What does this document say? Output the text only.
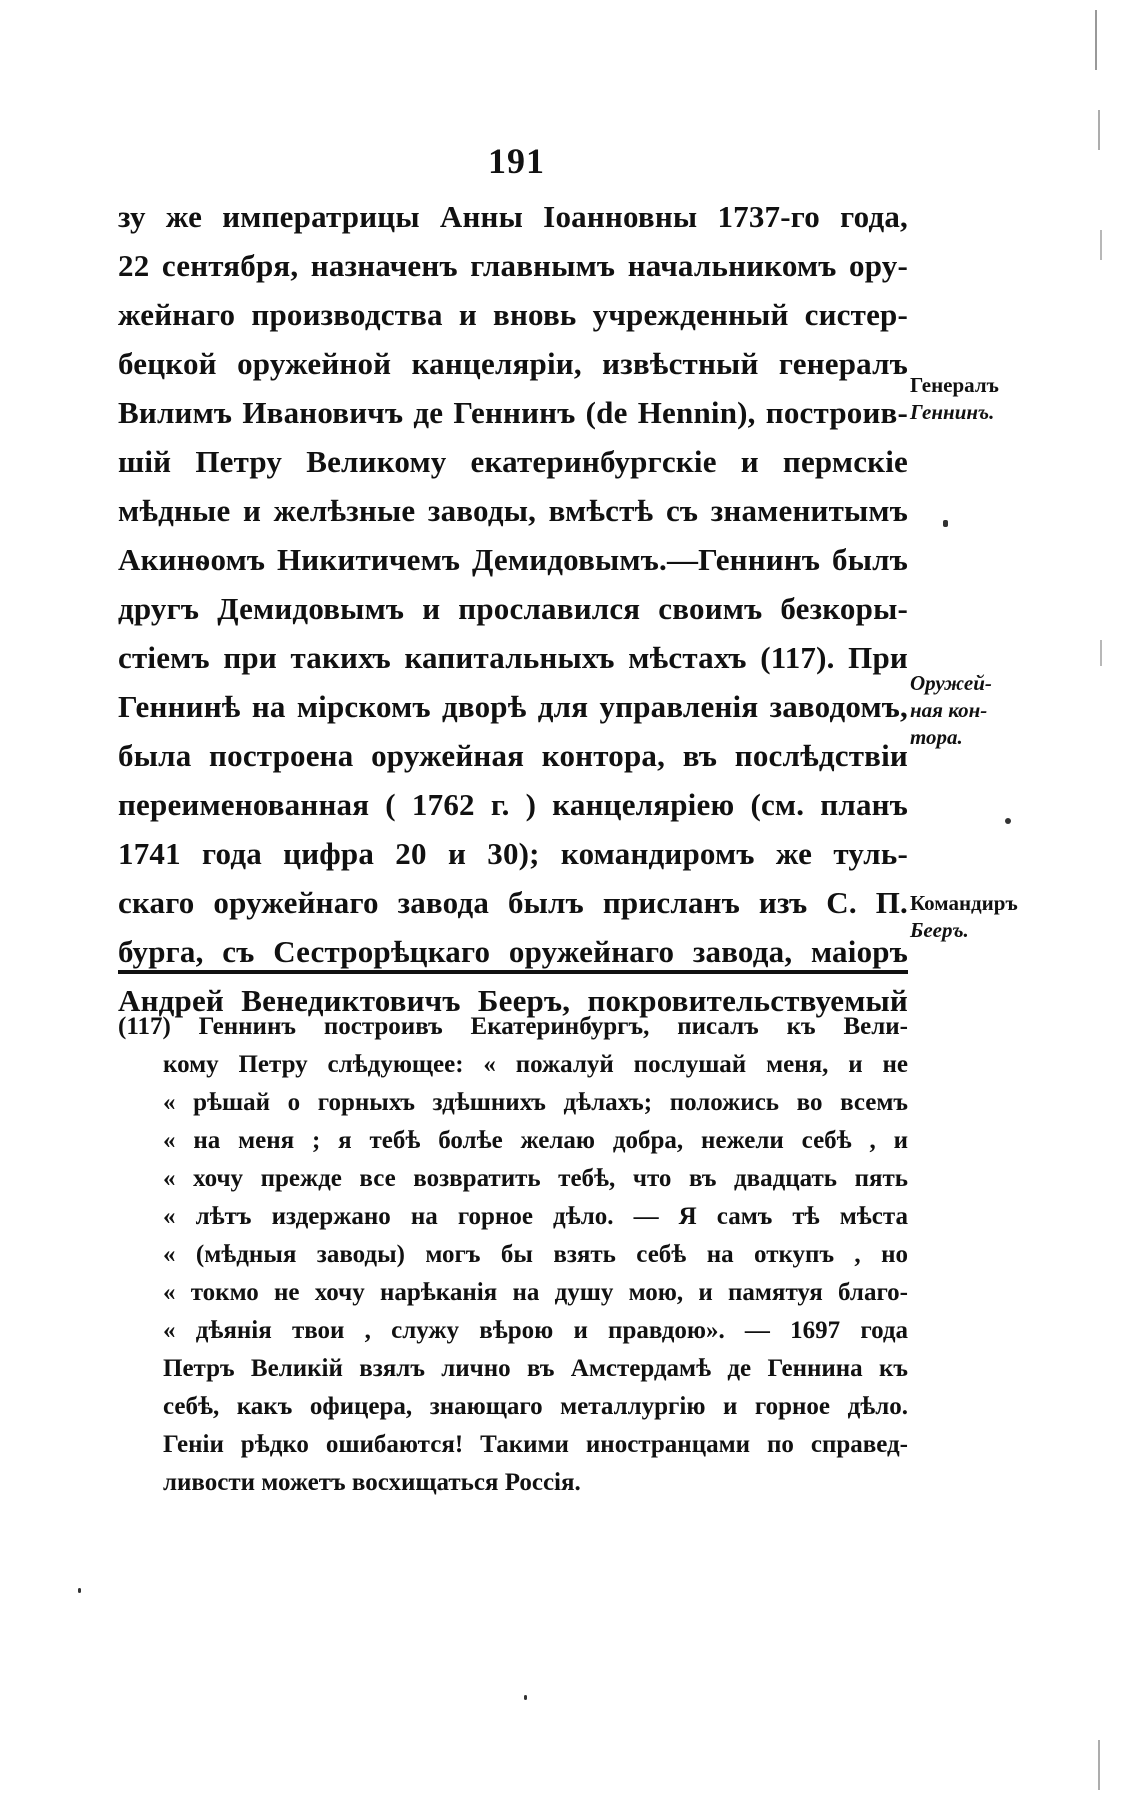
191
зу же императрицы Анны Іоанновны 1737-го года,
22 сентября, назначенъ главнымъ начальникомъ ору-
жейнаго производства и вновь учрежденный систер-
бецкой оружейной канцеляріи, извѣстный генералъ
Вилимъ Ивановичъ де Геннинъ (de Hennin), построив-
шій Петру Великому екатеринбургскіе и пермскіе
мѣдные и желѣзные заводы, вмѣстѣ съ знаменитымъ
Акинѳомъ Никитичемъ Демидовымъ.—Геннинъ былъ
другъ Демидовымъ и прославился своимъ безкоры-
стіемъ при такихъ капитальныхъ мѣстахъ (117). При
Геннинѣ на мірскомъ дворѣ для управленія заводомъ,
была построена оружейная контора, въ послѣдствіи
переименованная ( 1762 г. ) канцеляріею (см. планъ
1741 года цифра 20 и 30); командиромъ же туль-
скаго оружейнаго завода былъ присланъ изъ С. П.
бурга, съ Сестрорѣцкаго оружейнаго завода, маіоръ
Андрей Венедиктовичъ Бееръ, покровительствуемый
Генералъ
Геннинъ.
Оружей-
ная кон-
тора.
Командиръ
Бееръ.
(117) Геннинъ построивъ Екатеринбургъ, писалъ къ Вели-
кому Петру слѣдующее: « пожалуй послушай меня, и не
« рѣшай о горныхъ здѣшнихъ дѣлахъ; положись во всемъ
« на меня ; я тебѣ болѣе желаю добра, нежели себѣ , и
« хочу прежде все возвратить тебѣ, что въ двадцать пять
« лѣтъ издержано на горное дѣло. — Я самъ тѣ мѣста
« (мѣдныя заводы) могъ бы взять себѣ на откупъ , но
« токмо не хочу нарѣканія на душу мою, и памятуя благо-
« дѣянія твои , служу вѣрою и правдою». — 1697 года
Петръ Великій взялъ лично въ Амстердамѣ де Геннина къ
себѣ, какъ офицера, знающаго металлургію и горное дѣло.
Геніи рѣдко ошибаются! Такими иностранцами по справед-
ливости можетъ восхищаться Россія.
